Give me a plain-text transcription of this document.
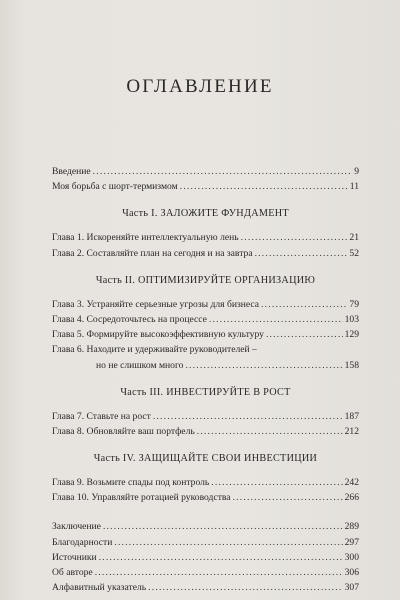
ОГЛАВЛЕНИЕ
Введение .....	9
Моя борьба с шорт-термизмом .....	11
Часть I. ЗАЛОЖИТЕ ФУНДАМЕНТ
Глава 1. Искореняйте интеллектуальную лень .....	21
Глава 2. Составляйте план на сегодня и на завтра .....	52
Часть II. ОПТИМИЗИРУЙТЕ ОРГАНИЗАЦИЮ
Глава 3. Устраняйте серьезные угрозы для бизнеса .....	79
Глава 4. Сосредоточьтесь на процессе .....	103
Глава 5. Формируйте высокоэффективную культуру .....	129
Глава 6. Находите и удерживайте руководителей –
но не слишком много .....	158
Часть III. ИНВЕСТИРУЙТЕ В РОСТ
Глава 7. Ставьте на рост .....	187
Глава 8. Обновляйте ваш портфель .....	212
Часть IV. ЗАЩИЩАЙТЕ СВОИ ИНВЕСТИЦИИ
Глава 9. Возьмите спады под контроль .....	242
Глава 10. Управляйте ротацией руководства .....	266
Заключение .....	289
Благодарности .....	297
Источники .....	300
Об авторе .....	306
Алфавитный указатель .....	307
